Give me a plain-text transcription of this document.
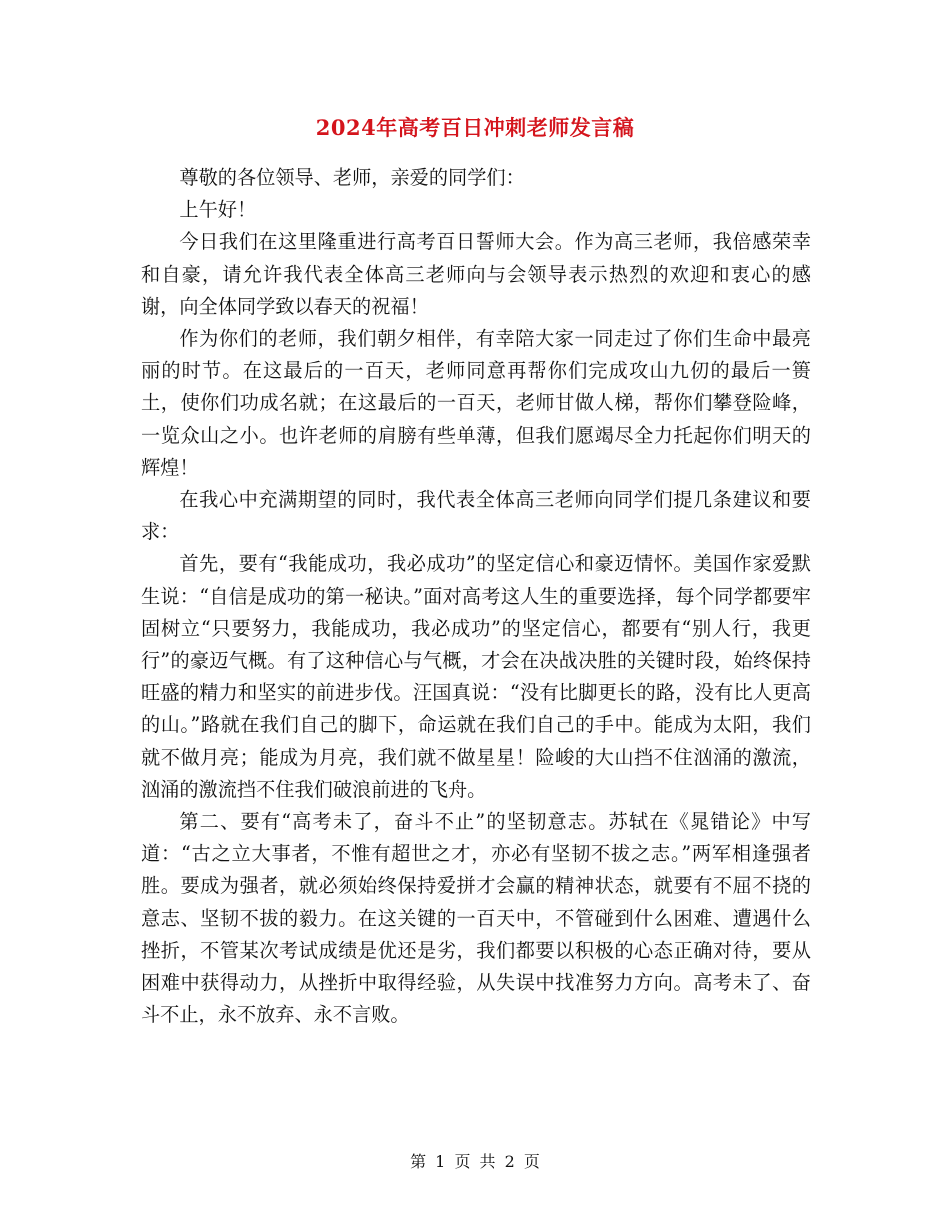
2024年高考百日冲刺老师发言稿

尊敬的各位领导、老师，亲爱的同学们：

上午好！

今日我们在这里隆重进行高考百日誓师大会。作为高三老师，我倍感荣幸和自豪，请允许我代表全体高三老师向与会领导表示热烈的欢迎和衷心的感谢，向全体同学致以春天的祝福！

作为你们的老师，我们朝夕相伴，有幸陪大家一同走过了你们生命中最亮丽的时节。在这最后的一百天，老师同意再帮你们完成攻山九仞的最后一篑土，使你们功成名就；在这最后的一百天，老师甘做人梯，帮你们攀登险峰，一览众山之小。也许老师的肩膀有些单薄，但我们愿竭尽全力托起你们明天的辉煌！

在我心中充满期望的同时，我代表全体高三老师向同学们提几条建议和要求：

首先，要有“我能成功，我必成功”的坚定信心和豪迈情怀。美国作家爱默生说：“自信是成功的第一秘诀。”面对高考这人生的重要选择，每个同学都要牢固树立“只要努力，我能成功，我必成功”的坚定信心，都要有“别人行，我更行”的豪迈气概。有了这种信心与气概，才会在决战决胜的关键时段，始终保持旺盛的精力和坚实的前进步伐。汪国真说：“没有比脚更长的路，没有比人更高的山。”路就在我们自己的脚下，命运就在我们自己的手中。能成为太阳，我们就不做月亮；能成为月亮，我们就不做星星！险峻的大山挡不住汹涌的激流，汹涌的激流挡不住我们破浪前进的飞舟。

第二、要有“高考未了，奋斗不止”的坚韧意志。苏轼在《晁错论》中写道：“古之立大事者，不惟有超世之才，亦必有坚韧不拔之志。”两军相逢强者胜。要成为强者，就必须始终保持爱拼才会赢的精神状态，就要有不屈不挠的意志、坚韧不拔的毅力。在这关键的一百天中，不管碰到什么困难、遭遇什么挫折，不管某次考试成绩是优还是劣，我们都要以积极的心态正确对待，要从困难中获得动力，从挫折中取得经验，从失误中找准努力方向。高考未了、奋斗不止，永不放弃、永不言败。

第 1 页 共 2 页
